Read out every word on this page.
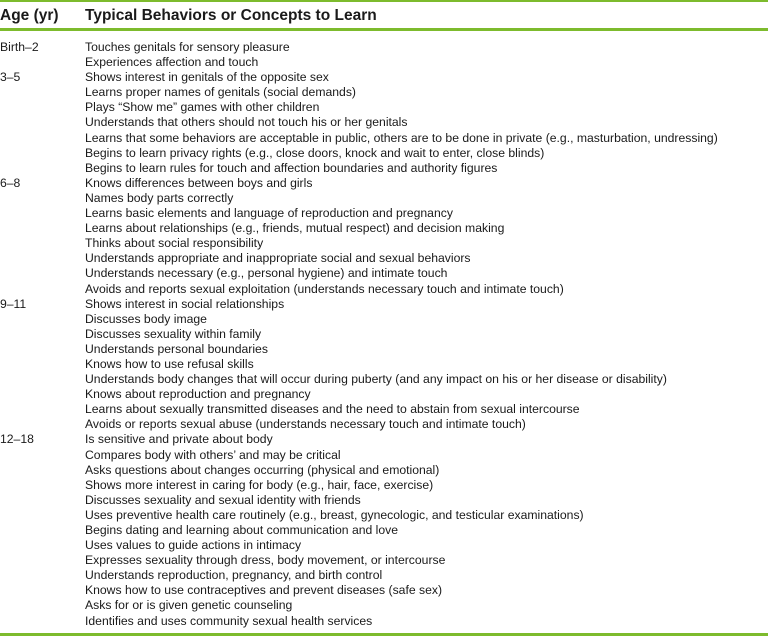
Age (yr) Typical Behaviors or Concepts to Learn
Birth–2	Touches genitals for sensory pleasure
Experiences affection and touch
3–5	Shows interest in genitals of the opposite sex
Learns proper names of genitals (social demands)
Plays “Show me” games with other children
Understands that others should not touch his or her genitals
Learns that some behaviors are acceptable in public, others are to be done in private (e.g., masturbation, undressing)
Begins to learn privacy rights (e.g., close doors, knock and wait to enter, close blinds)
Begins to learn rules for touch and affection boundaries and authority figures
6–8	Knows differences between boys and girls
Names body parts correctly
Learns basic elements and language of reproduction and pregnancy
Learns about relationships (e.g., friends, mutual respect) and decision making
Thinks about social responsibility
Understands appropriate and inappropriate social and sexual behaviors
Understands necessary (e.g., personal hygiene) and intimate touch
Avoids and reports sexual exploitation (understands necessary touch and intimate touch)
9–11	Shows interest in social relationships
Discusses body image
Discusses sexuality within family
Understands personal boundaries
Knows how to use refusal skills
Understands body changes that will occur during puberty (and any impact on his or her disease or disability)
Knows about reproduction and pregnancy
Learns about sexually transmitted diseases and the need to abstain from sexual intercourse
Avoids or reports sexual abuse (understands necessary touch and intimate touch)
12–18	Is sensitive and private about body
Compares body with others’ and may be critical
Asks questions about changes occurring (physical and emotional)
Shows more interest in caring for body (e.g., hair, face, exercise)
Discusses sexuality and sexual identity with friends
Uses preventive health care routinely (e.g., breast, gynecologic, and testicular examinations)
Begins dating and learning about communication and love
Uses values to guide actions in intimacy
Expresses sexuality through dress, body movement, or intercourse
Understands reproduction, pregnancy, and birth control
Knows how to use contraceptives and prevent diseases (safe sex)
Asks for or is given genetic counseling
Identifies and uses community sexual health services
